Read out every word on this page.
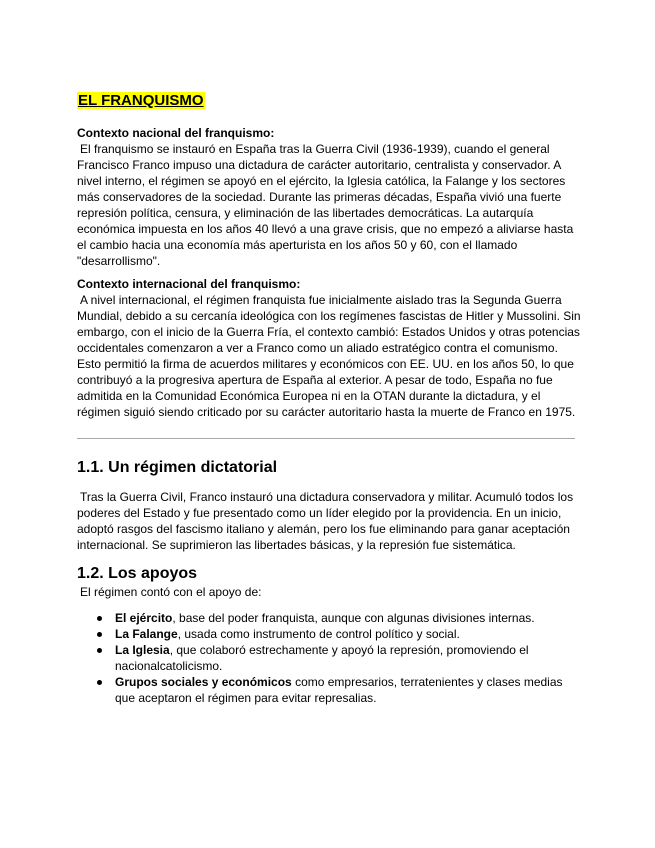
EL FRANQUISMO
Contexto nacional del franquismo:

El franquismo se instauró en España tras la Guerra Civil (1936-1939), cuando el general Francisco Franco impuso una dictadura de carácter autoritario, centralista y conservador. A nivel interno, el régimen se apoyó en el ejército, la Iglesia católica, la Falange y los sectores más conservadores de la sociedad. Durante las primeras décadas, España vivió una fuerte represión política, censura, y eliminación de las libertades democráticas. La autarquía económica impuesta en los años 40 llevó a una grave crisis, que no empezó a aliviarse hasta el cambio hacia una economía más aperturista en los años 50 y 60, con el llamado "desarrollismo".

Contexto internacional del franquismo:

A nivel internacional, el régimen franquista fue inicialmente aislado tras la Segunda Guerra Mundial, debido a su cercanía ideológica con los regímenes fascistas de Hitler y Mussolini. Sin embargo, con el inicio de la Guerra Fría, el contexto cambió: Estados Unidos y otras potencias occidentales comenzaron a ver a Franco como un aliado estratégico contra el comunismo. Esto permitió la firma de acuerdos militares y económicos con EE. UU. en los años 50, lo que contribuyó a la progresiva apertura de España al exterior. A pesar de todo, España no fue admitida en la Comunidad Económica Europea ni en la OTAN durante la dictadura, y el régimen siguió siendo criticado por su carácter autoritario hasta la muerte de Franco en 1975.

1.1. Un régimen dictatorial

Tras la Guerra Civil, Franco instauró una dictadura conservadora y militar. Acumuló todos los poderes del Estado y fue presentado como un líder elegido por la providencia. En un inicio, adoptó rasgos del fascismo italiano y alemán, pero los fue eliminando para ganar aceptación internacional. Se suprimieron las libertades básicas, y la represión fue sistemática.

1.2. Los apoyos

El régimen contó con el apoyo de:

El ejército, base del poder franquista, aunque con algunas divisiones internas.
La Falange, usada como instrumento de control político y social.
La Iglesia, que colaboró estrechamente y apoyó la represión, promoviendo el nacionalcatolicismo.
Grupos sociales y económicos como empresarios, terratenientes y clases medias que aceptaron el régimen para evitar represalias.
